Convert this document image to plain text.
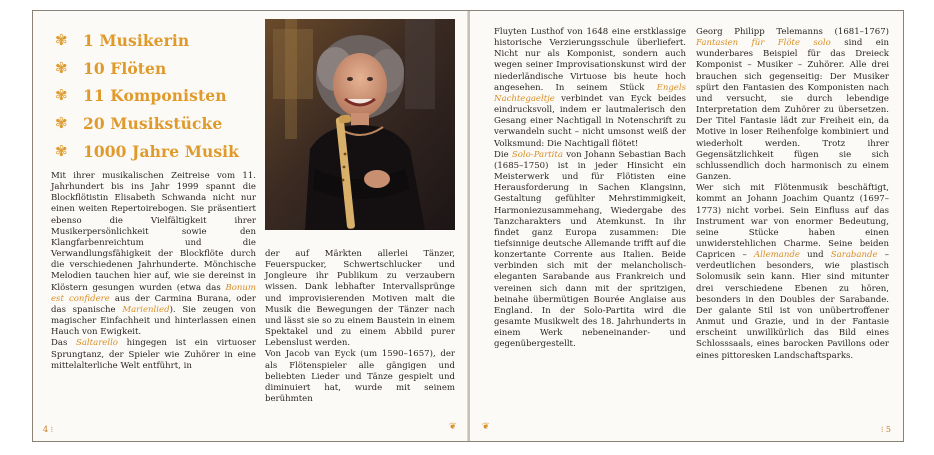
✾ 1 Musikerin
✾ 10 Flöten
✾ 11 Komponisten
✾ 20 Musikstücke
✾ 1000 Jahre Musik

Mit ihrer musikalischen Zeitreise vom 11. Jahrhundert bis ins Jahr 1999 spannt die Blockflötistin Elisabeth Schwanda nicht nur einen weiten Repertoirebogen. Sie präsentiert ebenso die Vielfältigkeit ihrer Musikerpersönlichkeit sowie den Klangfarbenreichtum und die Verwandlungsfähigkeit der Blockflöte durch die verschiedenen Jahrhunderte. Mönchische Melodien tauchen hier auf, wie sie dereinst in Klöstern gesungen wurden (etwa das Bonum est confidere aus der Carmina Burana, oder das spanische Marienlied). Sie zeugen von magischer Einfachheit und hinterlassen einen Hauch von Ewigkeit.

Das Saltarello hingegen ist ein virtuoser Sprungtanz, der Spieler wie Zuhörer in eine mittelalterliche Welt entführt, in

der auf Märkten allerlei Tänzer, Feuerspucker, Schwertschlucker und Jongleure ihr Publikum zu verzaubern wissen. Dank lebhafter Intervallsprünge und improvisierenden Motiven malt die Musik die Bewegungen der Tänzer nach und lässt sie so zu einem Baustein in einem Spektakel und zu einem Abbild purer Lebenslust werden.

Von Jacob van Eyck (um 1590–1657), der als Flötenspieler alle gängigen und beliebten Lieder und Tänze gespielt und diminuiert hat, wurde mit seinem berühmten

4 ⁝	❦	❦

Fluyten Lusthof von 1648 eine erstklassige historische Verzierungsschule überliefert. Nicht nur als Komponist, sondern auch wegen seiner Improvisationskunst wird der niederländische Virtuose bis heute hoch angesehen. In seinem Stück Engels Nachtegaeltje verbindet van Eyck beides eindrucksvoll, indem er lautmalerisch den Gesang einer Nachtigall in Notenschrift zu verwandeln sucht – nicht umsonst weiß der Volksmund: Die Nachtigall flötet!

Die Solo-Partita von Johann Sebastian Bach (1685–1750) ist in jeder Hinsicht ein Meisterwerk und für Flötisten eine Herausforderung in Sachen Klangsinn, Gestaltung gefühlter Mehrstimmigkeit, Harmoniezusammehang, Wiedergabe des Tanzcharakters und Atemkunst. In ihr findet ganz Europa zusammen: Die tiefsinnige deutsche Allemande trifft auf die konzertante Corrente aus Italien. Beide verbinden sich mit der melancholisch-eleganten Sarabande aus Frankreich und vereinen sich dann mit der spritzigen, beinahe übermütigen Bourée Anglaise aus England. In der Solo-Partita wird die gesamte Musikwelt des 18. Jahrhunderts in einem Werk nebeneinander- und gegenübergestellt.

Georg Philipp Telemanns (1681–1767) Fantasien für Flöte solo sind ein wunderbares Beispiel für das Dreieck Komponist – Musiker – Zuhörer. Alle drei brauchen sich gegenseitig: Der Musiker spürt den Fantasien des Komponisten nach und versucht, sie durch lebendige Interpretation dem Zuhörer zu übersetzen. Der Titel Fantasie lädt zur Freiheit ein, da Motive in loser Reihenfolge kombiniert und wiederholt werden. Trotz ihrer Gegensätzlichkeit fügen sie sich schlussendlich doch harmonisch zu einem Ganzen.

Wer sich mit Flötenmusik beschäftigt, kommt an Johann Joachim Quantz (1697–1773) nicht vorbei. Sein Einfluss auf das Instrument war von enormer Bedeutung, seine Stücke haben einen unwiderstehlichen Charme. Seine beiden Capricen – Allemande und Sarabande – verdeutlichen besonders, wie plastisch Solomusik sein kann. Hier sind mitunter drei verschiedene Ebenen zu hören, besonders in den Doubles der Sarabande. Der galante Stil ist von unübertroffener Anmut und Grazie, und in der Fantasie erscheint unwillkürlich das Bild eines Schlosssaals, eines barocken Pavillons oder eines pittoresken Landschaftsparks.

⁝ 5
